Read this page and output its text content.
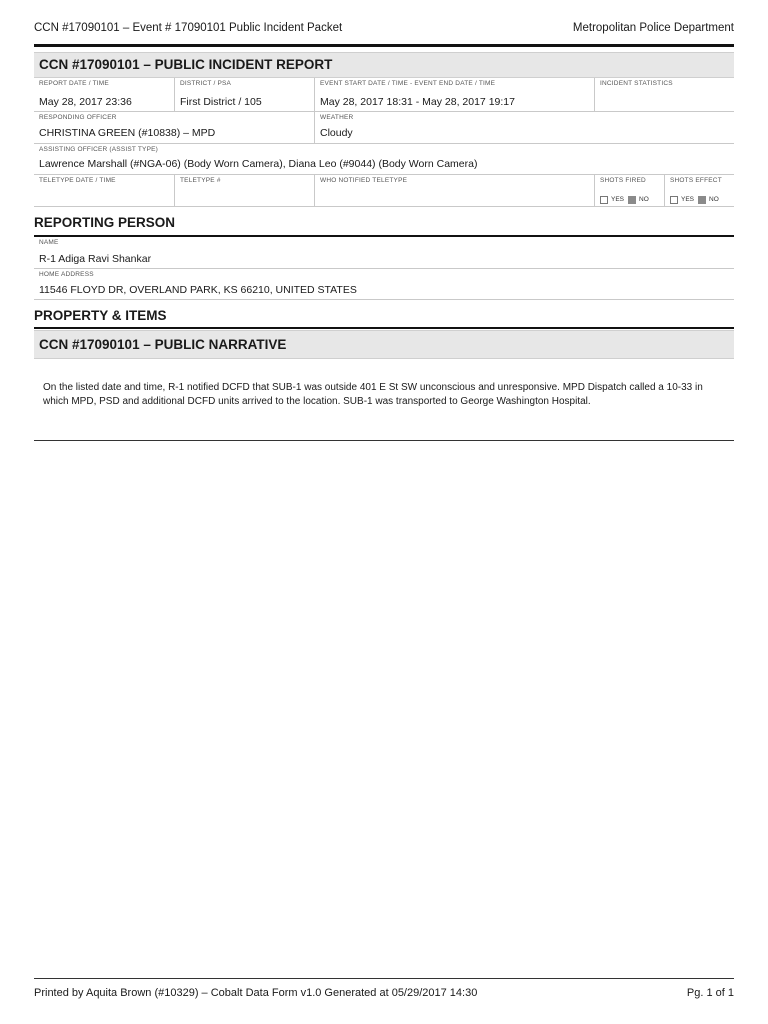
CCN #17090101 – Event # 17090101 Public Incident Packet	Metropolitan Police Department
CCN #17090101 – PUBLIC INCIDENT REPORT
REPORT DATE / TIME
May 28, 2017 23:36
DISTRICT / PSA
First District / 105
EVENT START DATE / TIME - EVENT END DATE / TIME
May 28, 2017 18:31 - May 28, 2017 19:17
INCIDENT STATISTICS
RESPONDING OFFICER
CHRISTINA GREEN (#10838) – MPD
WEATHER
Cloudy
ASSISTING OFFICER (ASSIST TYPE)
Lawrence Marshall (#NGA-06) (Body Worn Camera), Diana Leo (#9044) (Body Worn Camera)
TELETYPE DATE / TIME	TELETYPE #	WHO NOTIFIED TELETYPE	SHOTS FIRED
YES NO
SHOTS EFFECT
YES NO
REPORTING PERSON
NAME
R-1 Adiga Ravi Shankar
HOME ADDRESS
11546 FLOYD DR, OVERLAND PARK, KS 66210, UNITED STATES
PROPERTY & ITEMS
CCN #17090101 – PUBLIC NARRATIVE
On the listed date and time, R-1 notified DCFD that SUB-1 was outside 401 E St SW unconscious and unresponsive. MPD Dispatch called a 10-33 in
which MPD, PSD and additional DCFD units arrived to the location. SUB-1 was transported to George Washington Hospital.
Printed by Aquita Brown (#10329) – Cobalt Data Form v1.0 Generated at 05/29/2017 14:30	Pg. 1 of 1
